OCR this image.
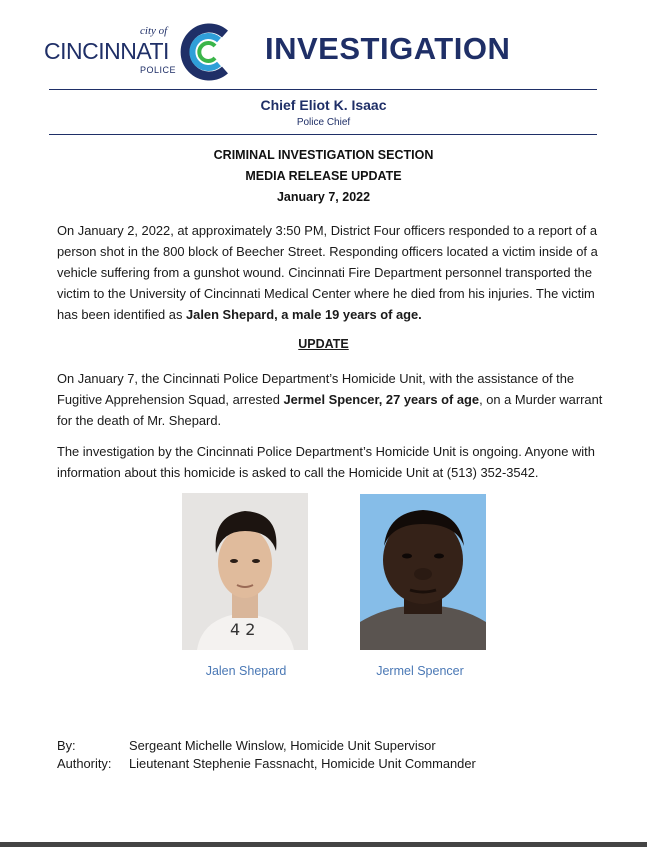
city of
CINCINNATI
POLICE
INVESTIGATION
Chief Eliot K. Isaac
Police Chief
CRIMINAL INVESTIGATION SECTION
MEDIA RELEASE UPDATE
January 7, 2022
On January 2, 2022, at approximately 3:50 PM, District Four officers responded to a report of a person shot in the 800 block of Beecher Street. Responding officers located a victim inside of a vehicle suffering from a gunshot wound. Cincinnati Fire Department personnel transported the victim to the University of Cincinnati Medical Center where he died from his injuries. The victim has been identified as Jalen Shepard, a male 19 years of age.
UPDATE
On January 7, the Cincinnati Police Department’s Homicide Unit, with the assistance of the Fugitive Apprehension Squad, arrested Jermel Spencer, 27 years of age, on a Murder warrant for the death of Mr. Shepard.
The investigation by the Cincinnati Police Department’s Homicide Unit is ongoing. Anyone with information about this homicide is asked to call the Homicide Unit at (513) 352-3542.
4 2
Jalen Shepard	Jermel Spencer
By:	Sergeant Michelle Winslow, Homicide Unit Supervisor
Authority: Lieutenant Stephenie Fassnacht, Homicide Unit Commander
